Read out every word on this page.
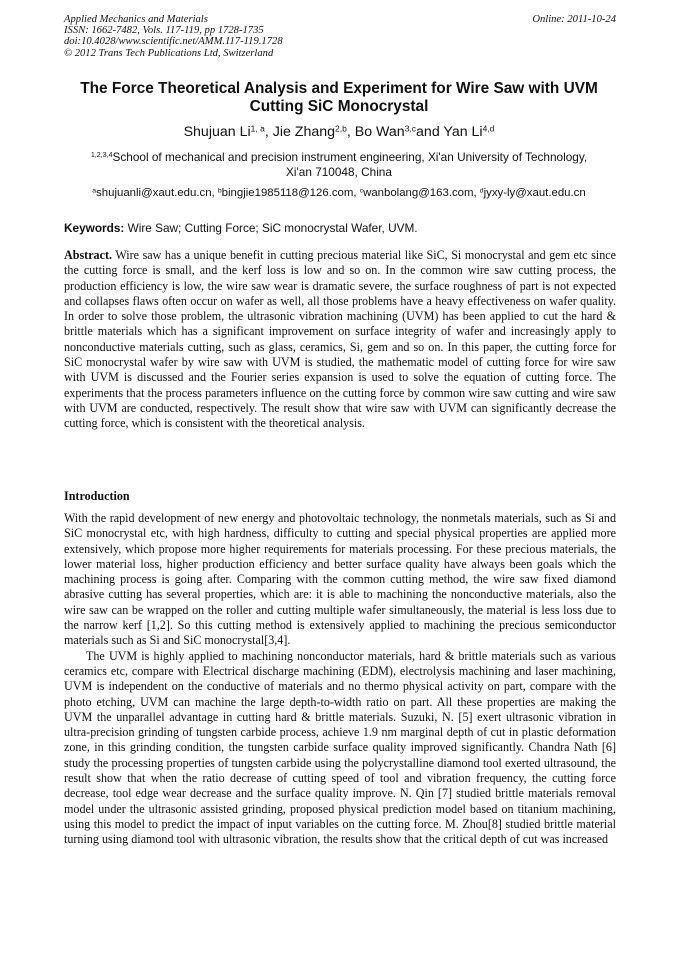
Applied Mechanics and Materials
ISSN: 1662-7482, Vols. 117-119, pp 1728-1735
doi:10.4028/www.scientific.net/AMM.117-119.1728
© 2012 Trans Tech Publications Ltd, Switzerland
Online: 2011-10-24
The Force Theoretical Analysis and Experiment for Wire Saw with UVM
Cutting SiC Monocrystal
Shujuan Li$^{1, a}$, Jie Zhang$^{2,b}$, Bo Wan$^{3,c}$and Yan Li$^{4,d}$
$^{1,2,3,4}$School of mechanical and precision instrument engineering, Xi'an University of Technology,
Xi'an 710048, China
$^a$shujuanli@xaut.edu.cn, $^b$bingjie1985118@126.com, $^c$wanbolang@163.com, $^d$jyxy-ly@xaut.edu.cn
Keywords: Wire Saw; Cutting Force; SiC monocrystal Wafer, UVM.
Abstract. Wire saw has a unique benefit in cutting precious material like SiC, Si monocrystal and gem etc since the cutting force is small, and the kerf loss is low and so on. In the common wire saw cutting process, the production efficiency is low, the wire saw wear is dramatic severe, the surface roughness of part is not expected and collapses flaws often occur on wafer as well, all those problems have a heavy effectiveness on wafer quality. In order to solve those problem, the ultrasonic vibration machining (UVM) has been applied to cut the hard & brittle materials which has a significant improvement on surface integrity of wafer and increasingly apply to nonconductive materials cutting, such as glass, ceramics, Si, gem and so on. In this paper, the cutting force for SiC monocrystal wafer by wire saw with UVM is studied, the mathematic model of cutting force for wire saw with UVM is discussed and the Fourier series expansion is used to solve the equation of cutting force. The experiments that the process parameters influence on the cutting force by common wire saw cutting and wire saw with UVM are conducted, respectively. The result show that wire saw with UVM can significantly decrease the cutting force, which is consistent with the theoretical analysis.
Introduction

With the rapid development of new energy and photovoltaic technology, the nonmetals materials, such as Si and SiC monocrystal etc, with high hardness, difficulty to cutting and special physical properties are applied more extensively, which propose more higher requirements for materials processing. For these precious materials, the lower material loss, higher production efficiency and better surface quality have always been goals which the machining process is going after. Comparing with the common cutting method, the wire saw fixed diamond abrasive cutting has several properties, which are: it is able to machining the nonconductive materials, also the wire saw can be wrapped on the roller and cutting multiple wafer simultaneously, the material is less loss due to the narrow kerf [1,2]. So this cutting method is extensively applied to machining the precious semiconductor materials such as Si and SiC monocrystal[3,4].

The UVM is highly applied to machining nonconductor materials, hard & brittle materials such as various ceramics etc, compare with Electrical discharge machining (EDM), electrolysis machining and laser machining, UVM is independent on the conductive of materials and no thermo physical activity on part, compare with the photo etching, UVM can machine the large depth-to-width ratio on part. All these properties are making the UVM the unparallel advantage in cutting hard & brittle materials. Suzuki, N. [5] exert ultrasonic vibration in ultra-precision grinding of tungsten carbide process, achieve 1.9 nm marginal depth of cut in plastic deformation zone, in this grinding condition, the tungsten carbide surface quality improved significantly. Chandra Nath [6] study the processing properties of tungsten carbide using the polycrystalline diamond tool exerted ultrasound, the result show that when the ratio decrease of cutting speed of tool and vibration frequency, the cutting force decrease, tool edge wear decrease and the surface quality improve. N. Qin [7] studied brittle materials removal model under the ultrasonic assisted grinding, proposed physical prediction model based on titanium machining, using this model to predict the impact of input variables on the cutting force. M. Zhou[8] studied brittle material turning using diamond tool with ultrasonic vibration, the results show that the critical depth of cut was increased
